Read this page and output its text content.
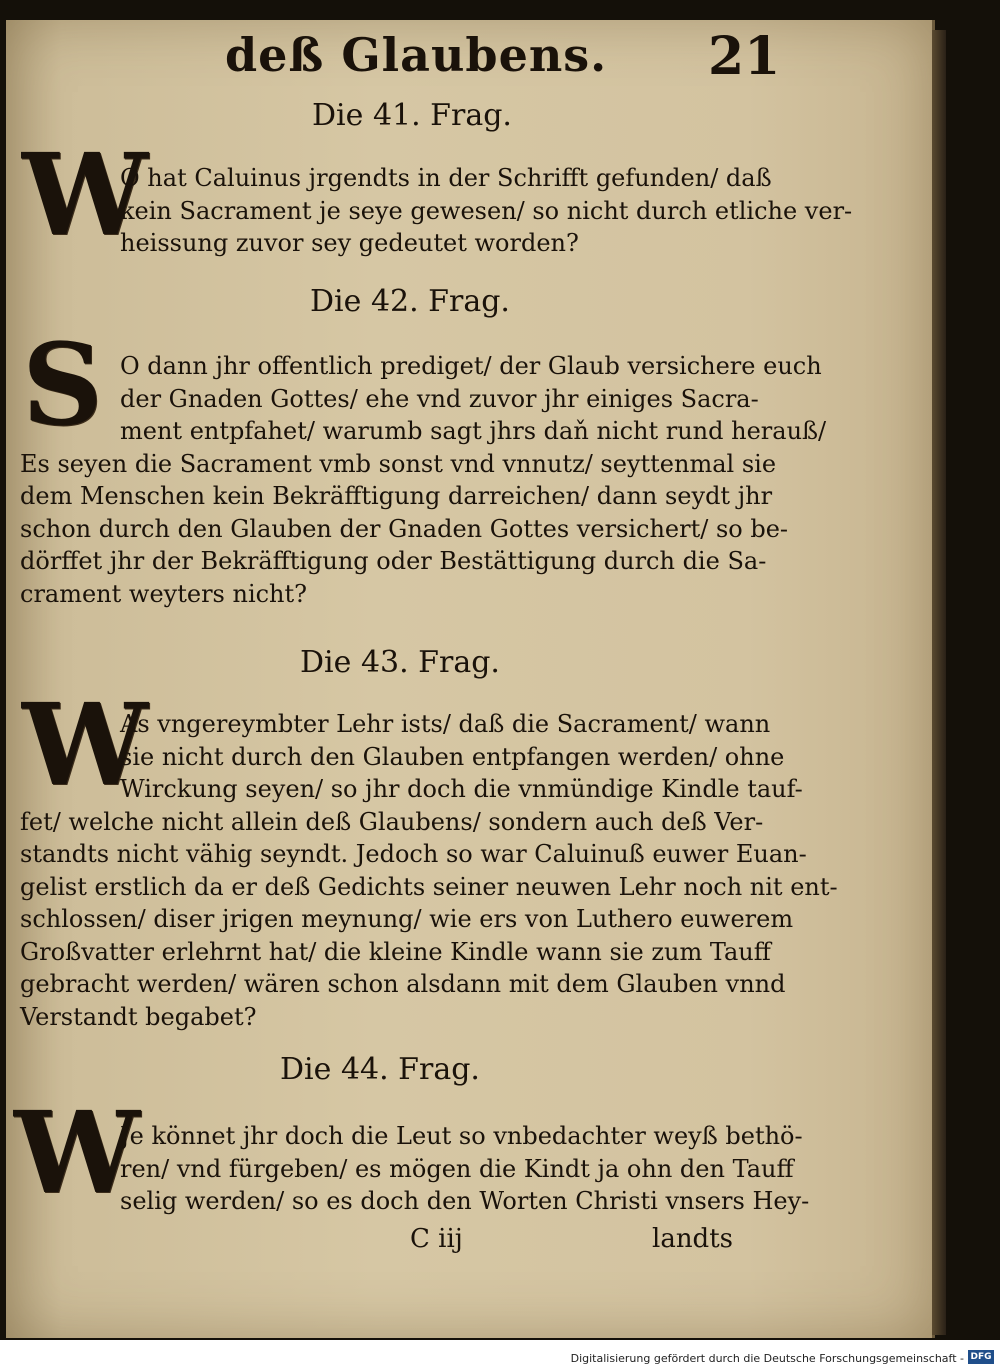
deß Glaubens. 21
Die 41. Frag.
W
O hat Caluinus jrgendts in der Schrifft gefunden/ daß
kein Sacrament je seye gewesen/ so nicht durch etliche ver-
heissung zuvor sey gedeutet worden?
Die 42. Frag.
S O dann jhr offentlich prediget/ der Glaub versichere euch
der Gnaden Gottes/ ehe vnd zuvor jhr einiges Sacra-
ment entpfahet/ warumb sagt jhrs daň nicht rund herauß/
Es seyen die Sacrament vmb sonst vnd vnnutz/ seyttenmal sie
dem Menschen kein Bekräfftigung darreichen/ dann seydt jhr
schon durch den Glauben der Gnaden Gottes versichert/ so be-
dörffet jhr der Bekräfftigung oder Bestättigung durch die Sa-
crament weyters nicht?
Die 43. Frag.
W
As vngereymbter Lehr ists/ daß die Sacrament/ wann
sie nicht durch den Glauben entpfangen werden/ ohne
Wirckung seyen/ so jhr doch die vnmündige Kindle tauf-
fet/ welche nicht allein deß Glaubens/ sondern auch deß Ver-
standts nicht vähig seyndt. Jedoch so war Caluinuß euwer Euan-
gelist erstlich da er deß Gedichts seiner neuwen Lehr noch nit ent-
schlossen/ diser jrigen meynung/ wie ers von Luthero euwerem
Großvatter erlehrnt hat/ die kleine Kindle wann sie zum Tauff
gebracht werden/ wären schon alsdann mit dem Glauben vnnd
Verstandt begabet?
Die 44. Frag.
W
Je könnet jhr doch die Leut so vnbedachter weyß bethö-
ren/ vnd fürgeben/ es mögen die Kindt ja ohn den Tauff
selig werden/ so es doch den Worten Christi vnsers Hey-
C iij	landts
Digitalisierung gefördert durch die Deutsche Forschungsgemeinschaft - DFG
